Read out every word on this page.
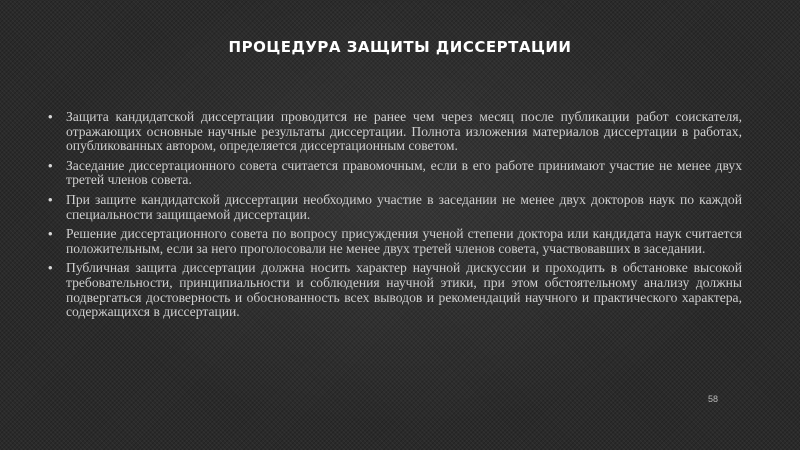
ПРОЦЕДУРА ЗАЩИТЫ ДИССЕРТАЦИИ
• Защита кандидатской диссертации проводится не ранее чем через месяц после публикации работ соискателя, отражающих основные научные результаты диссертации. Полнота изложения материалов диссертации в работах, опубликованных автором, определяется диссертационным советом.
• Заседание диссертационного совета считается правомочным, если в его работе принимают участие не менее двух третей членов совета.
• При защите кандидатской диссертации необходимо участие в заседании не менее двух докторов наук по каждой специальности защищаемой диссертации.
• Решение диссертационного совета по вопросу присуждения ученой степени доктора или кандидата наук считается положительным, если за него проголосовали не менее двух третей членов совета, участвовавших в заседании.
• Публичная защита диссертации должна носить характер научной дискуссии и проходить в обстановке высокой требовательности, принципиальности и соблюдения научной этики, при этом обстоятельному анализу должны подвергаться достоверность и обоснованность всех выводов и рекомендаций научного и практического характера, содержащихся в диссертации.
58
